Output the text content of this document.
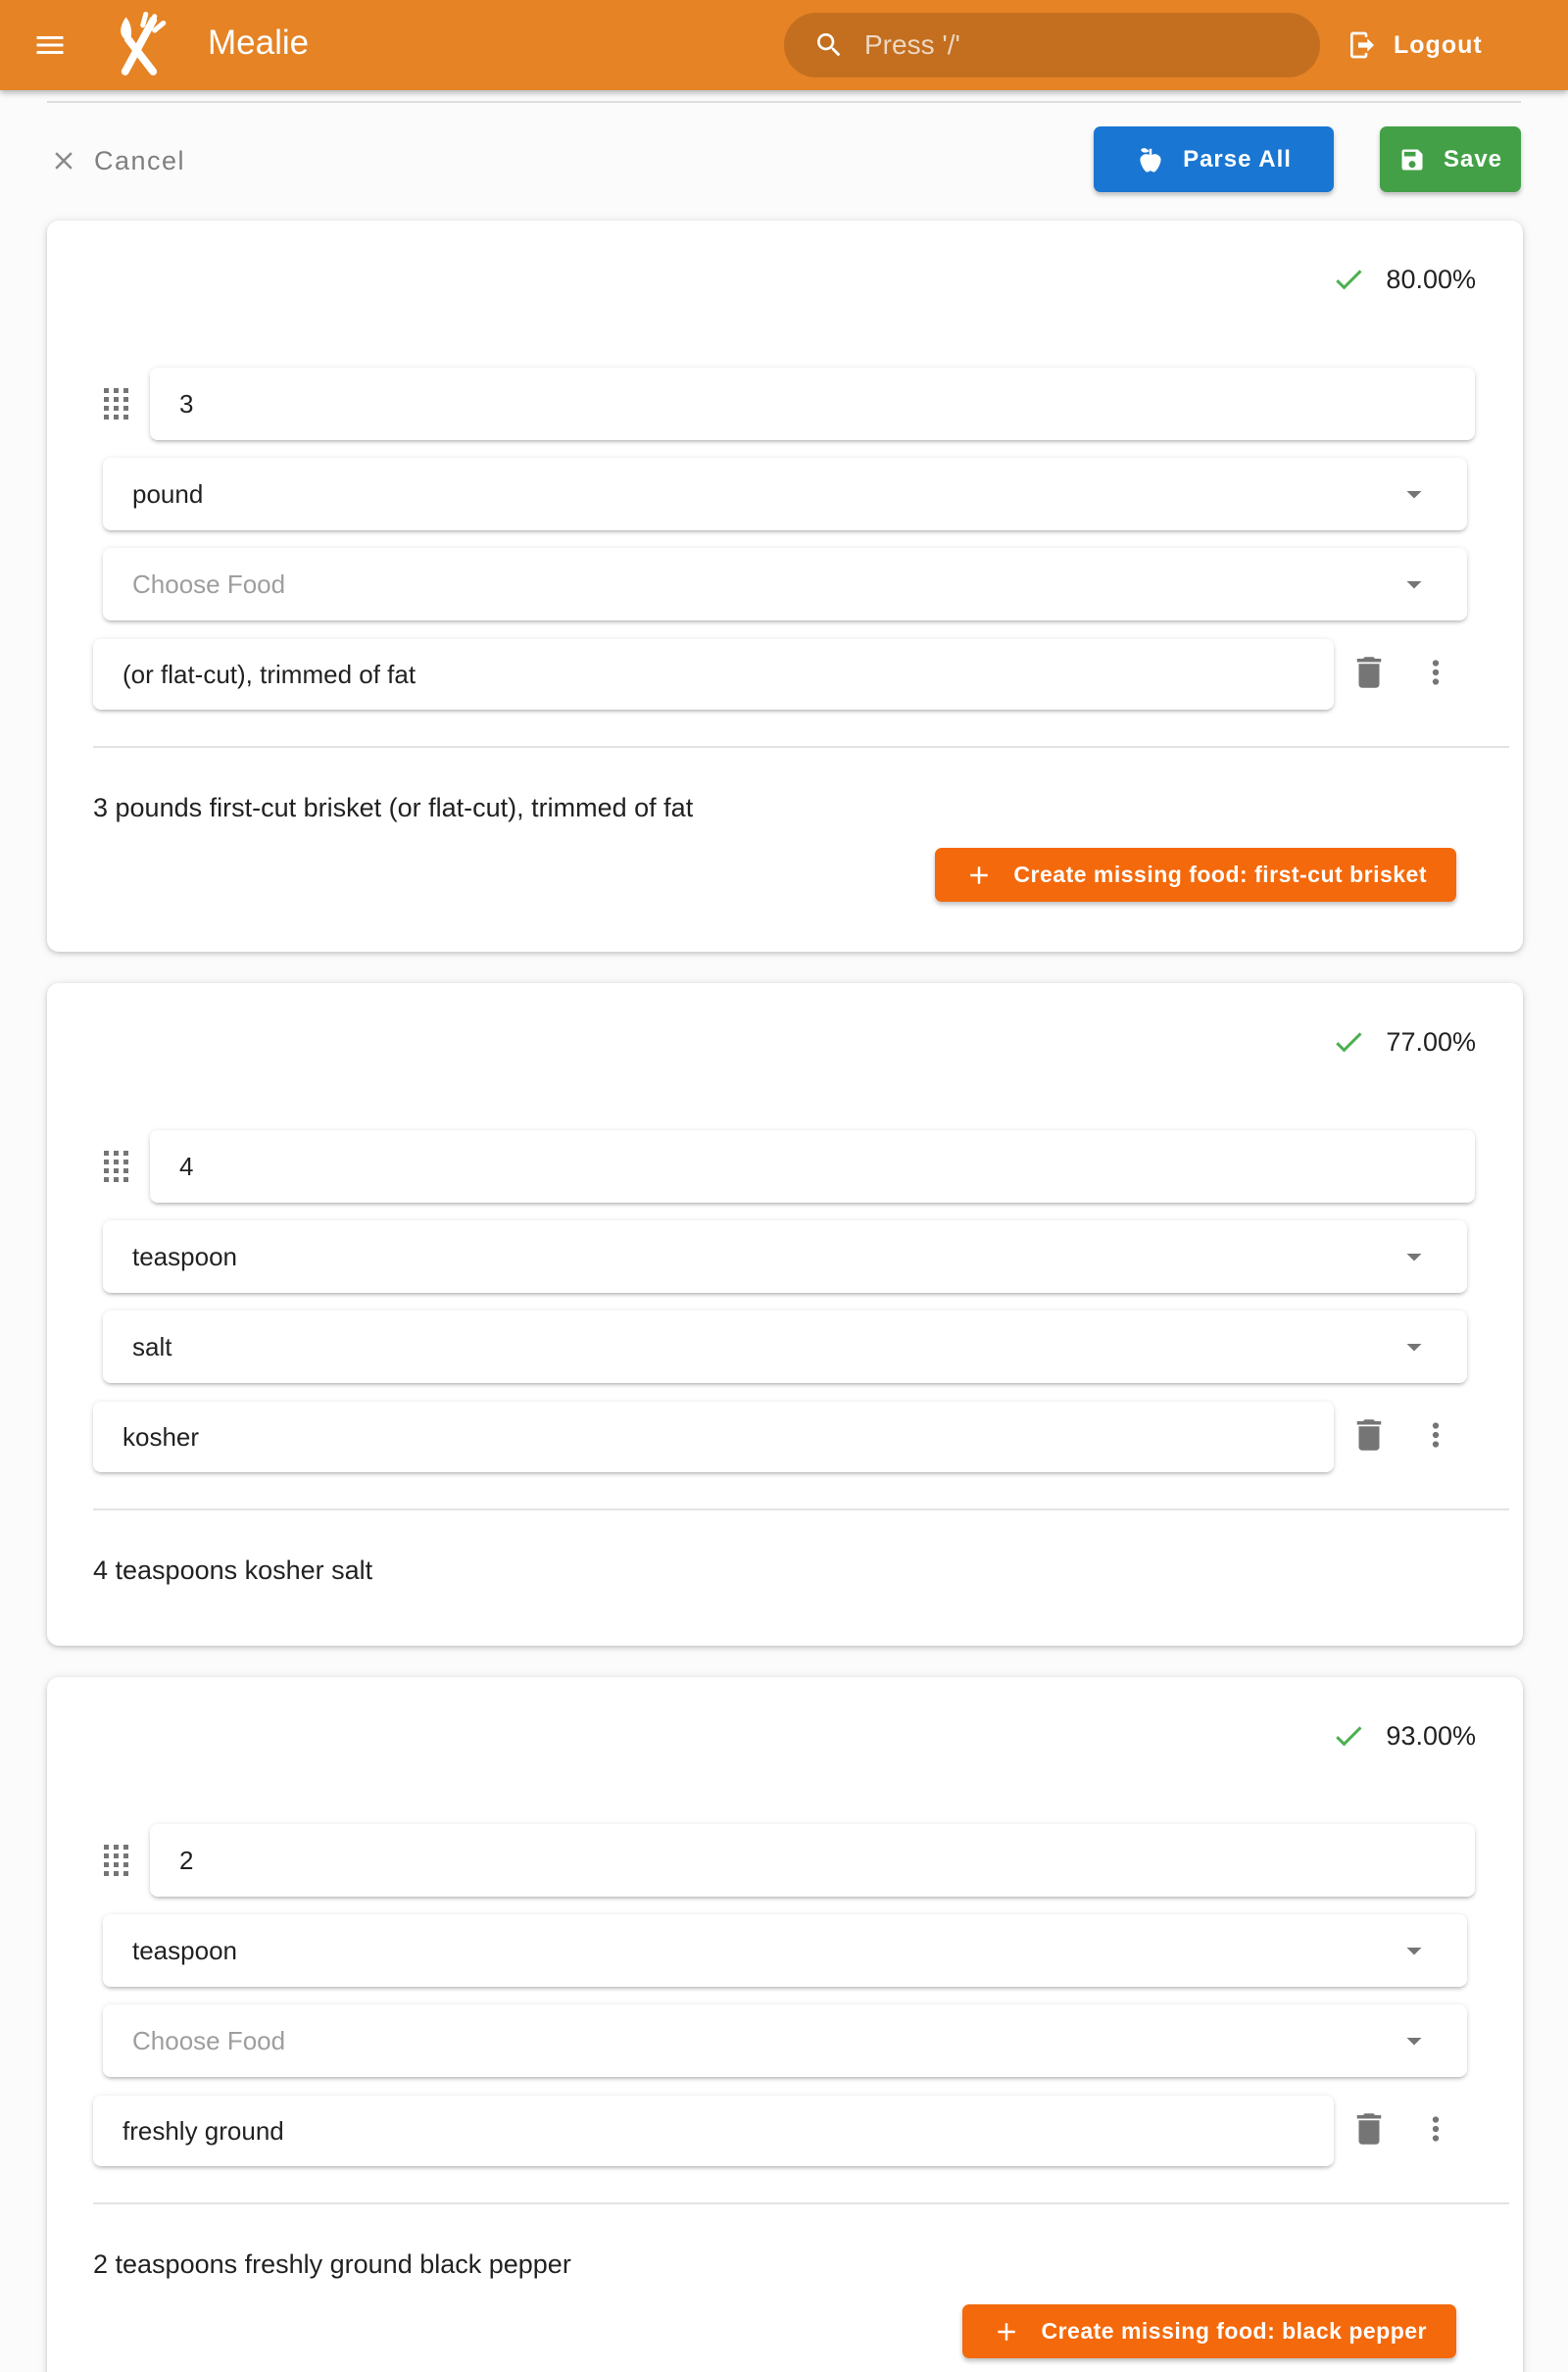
Mealie	Press '/'	Logout
Cancel	Parse All	Save
80.00%
3
pound
Choose Food
(or flat-cut), trimmed of fat

3 pounds first-cut brisket (or flat-cut), trimmed of fat

Create missing food: first-cut brisket
77.00%
4
teaspoon
salt
kosher

4 teaspoons kosher salt

93.00%
2
teaspoon
Choose Food
freshly ground

2 teaspoons freshly ground black pepper

Create missing food: black pepper
